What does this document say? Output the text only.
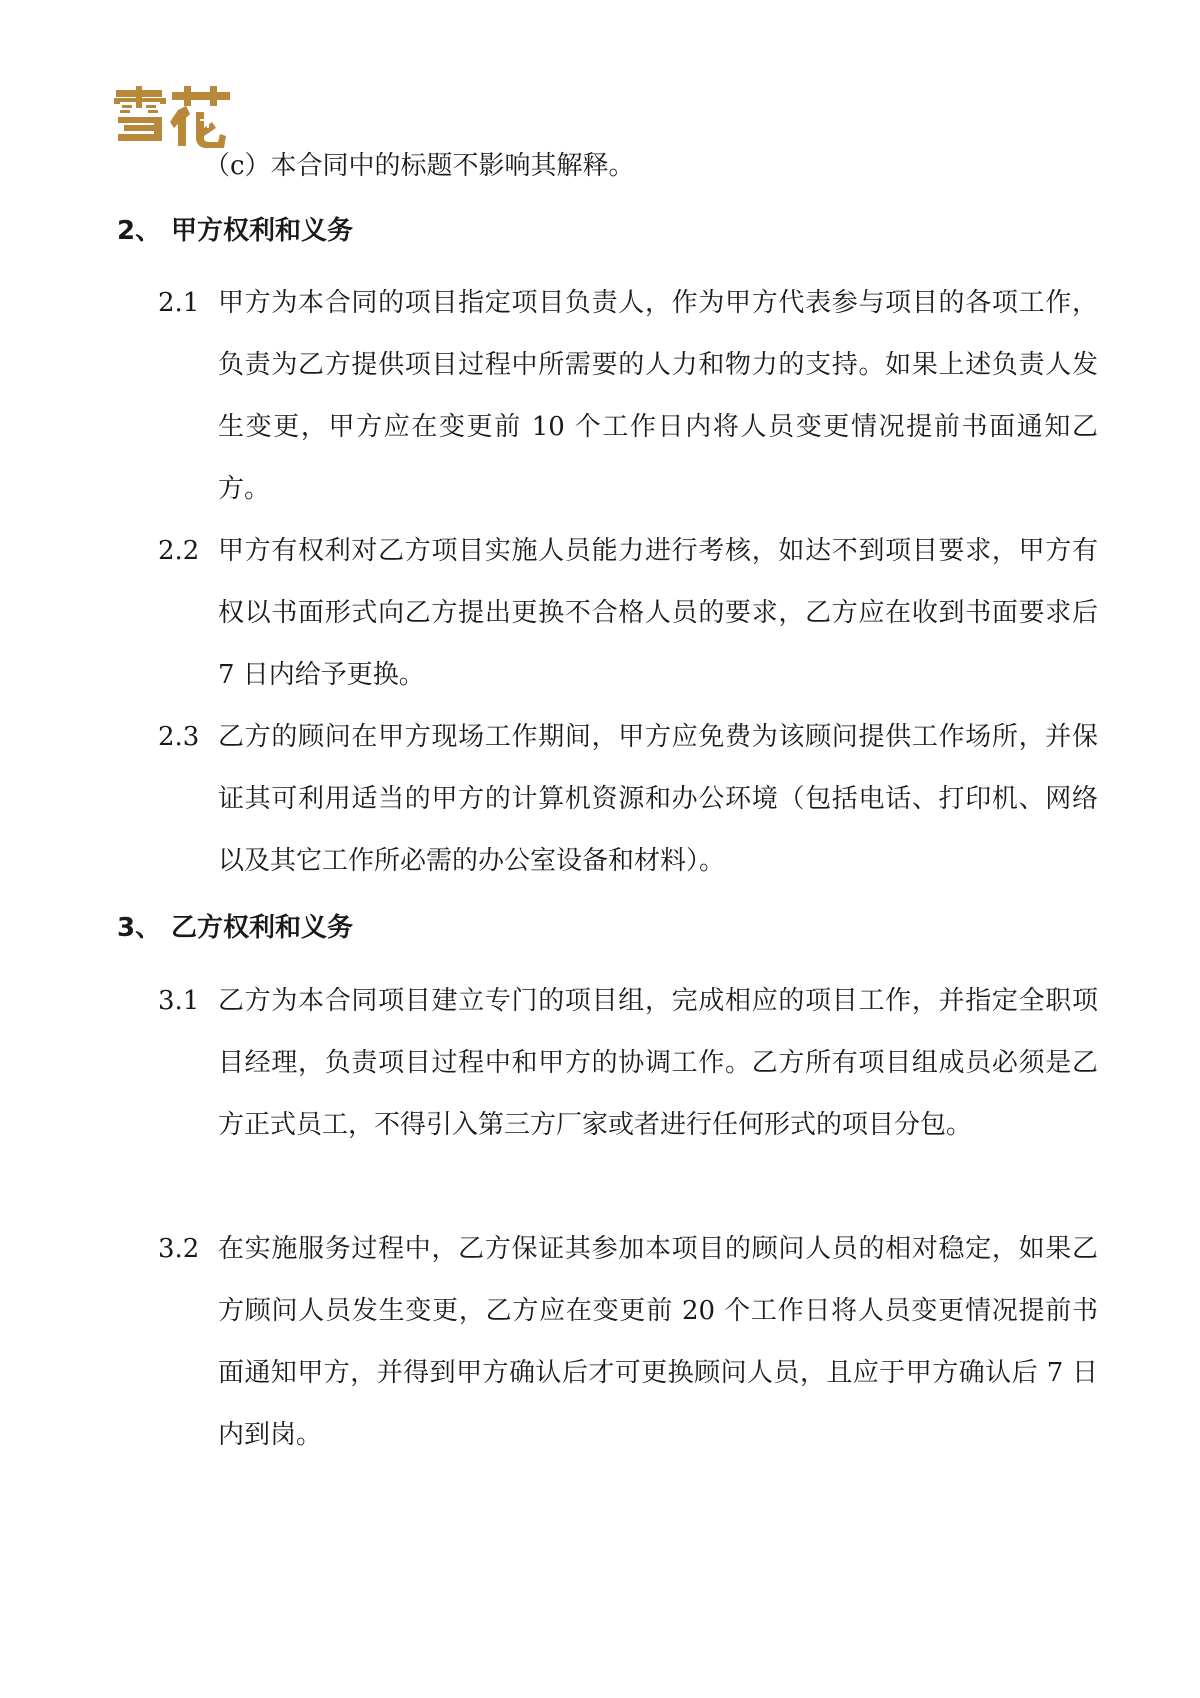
（c）本合同中的标题不影响其解释。
2、 甲方权利和义务
2.1 甲方为本合同的项目指定项目负责人，作为甲方代表参与项目的各项工作，负责为乙方提供项目过程中所需要的人力和物力的支持。如果上述负责人发生变更，甲方应在变更前 10 个工作日内将人员变更情况提前书面通知乙方。
2.2 甲方有权利对乙方项目实施人员能力进行考核，如达不到项目要求，甲方有权以书面形式向乙方提出更换不合格人员的要求，乙方应在收到书面要求后 7 日内给予更换。
2.3 乙方的顾问在甲方现场工作期间，甲方应免费为该顾问提供工作场所，并保证其可利用适当的甲方的计算机资源和办公环境（包括电话、打印机、网络以及其它工作所必需的办公室设备和材料）。
3、 乙方权利和义务
3.1 乙方为本合同项目建立专门的项目组，完成相应的项目工作，并指定全职项目经理，负责项目过程中和甲方的协调工作。乙方所有项目组成员必须是乙方正式员工，不得引入第三方厂家或者进行任何形式的项目分包。
3.2 在实施服务过程中，乙方保证其参加本项目的顾问人员的相对稳定，如果乙方顾问人员发生变更，乙方应在变更前 20 个工作日将人员变更情况提前书面通知甲方，并得到甲方确认后才可更换顾问人员，且应于甲方确认后 7 日内到岗。
